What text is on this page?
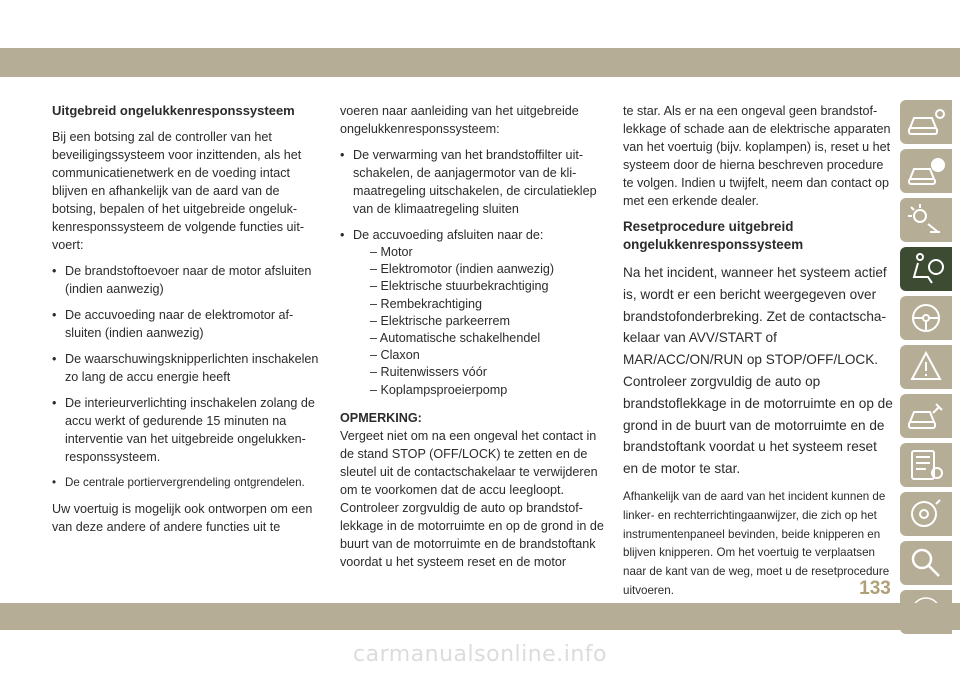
Uitgebreid ongelukkenresponssysteem

Bij een botsing zal de controller van het beveiligingssysteem voor inzittenden, als het communicatienetwerk en de voeding intact blijven en afhankelijk van de aard van de botsing, bepalen of het uitgebreide ongelukkenresponssysteem de volgende functies uitvoert:

• De brandstoftoevoer naar de motor afsluiten (indien aanwezig)
• De accuvoeding naar de elektromotor afsluiten (indien aanwezig)
• De waarschuwingsknipperlichten inschakelen zo lang de accu energie heeft
• De interieurverlichting inschakelen zolang de accu werkt of gedurende 15 minuten na interventie van het uitgebreide ongelukkenresponssysteem.
• De centrale portiervergrendeling ontgrendelen.

Uw voertuig is mogelijk ook ontworpen om een van deze andere of andere functies uit te

voeren naar aanleiding van het uitgebreide ongelukkenresponssysteem:

• De verwarming van het brandstoffilter uitschakelen, de aanjagermotor van de klimaatregeling uitschakelen, de circulatieklep van de klimaatregeling sluiten
• De accuvoeding afsluiten naar de:
– Motor
– Elektromotor (indien aanwezig)
– Elektrische stuurbekrachtiging
– Rembekrachtiging
– Elektrische parkeerrem
– Automatische schakelhendel
– Claxon
– Ruitenwissers vóór
– Koplampsproeierpomp

OPMERKING:

Vergeet niet om na een ongeval het contact in de stand STOP (OFF/LOCK) te zetten en de sleutel uit de contactschakelaar te verwijderen om te voorkomen dat de accu leegloopt. Controleer zorgvuldig de auto op brandstoflekkage in de motorruimte en op de grond in de buurt van de motorruimte en de brandstoftank voordat u het systeem reset en de motor

te star. Als er na een ongeval geen brandstoflekkage of schade aan de elektrische apparaten van het voertuig (bijv. koplampen) is, reset u het systeem door de hierna beschreven procedure te volgen. Indien u twijfelt, neem dan contact op met een erkende dealer.

Resetprocedure uitgebreid ongelukkenresponssysteem

Na het incident, wanneer het systeem actief is, wordt er een bericht weergegeven over brandstofonderbreking. Zet de contactschakelaar van AVV/START of MAR/ACC/ON/RUN op STOP/OFF/LOCK. Controleer zorgvuldig de auto op brandstoflekkage in de motorruimte en op de grond in de buurt van de motorruimte en de brandstoftank voordat u het systeem reset en de motor te star.

Afhankelijk van de aard van het incident kunnen de linker- en rechterrichtingaanwijzer, die zich op het instrumentenpaneel bevinden, beide knipperen en blijven knipperen. Om het voertuig te verplaatsen naar de kant van de weg, moet u de resetprocedure uitvoeren.	133
carmanualsonline.info
